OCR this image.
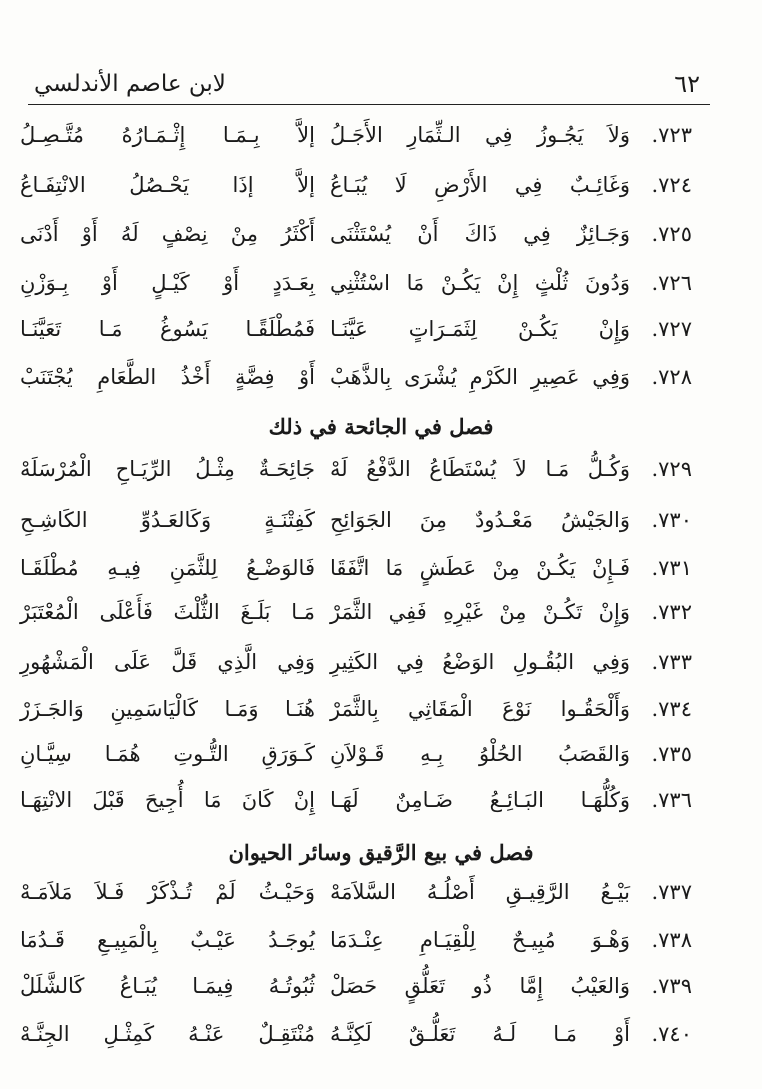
٦٢
لابن عاصم الأندلسي
٧٢٣.
وَلاَ يَجُـوزُ فِي الـثِّمَارِ الأَجَـلُ
إلاَّ بِـمَـا إِثْـمَـارُهُ مُتَّـصِـلُ
٧٢٤.
وَغَائِـبٌ فِي الأَرْضِ لَا يُبَـاعُ
إلاَّ إذَا يَحْـصُلُ الانْتِفَـاعُ
٧٢٥.
وَجَـائِزٌ فِي ذَاكَ أَنْ يُسْتَثْنَى
أَكْثَرُ مِنْ نِصْفٍ لَهُ أَوْ أَدْنَى
٧٢٦.
وَدُونَ ثُلْثٍ إِنْ يَكُـنْ مَا اسْتُثْنِي
بِعَـدَدٍ أَوْ كَيْـلٍ أَوْ بِـوَزْنِ
٧٢٧.
وَإِنْ يَكُـنْ لِثَمَـرَاتٍ عَيَّنَـا
فَمُطْلَقًـا يَسُوغُ مَـا تَعَيَّنَـا
٧٢٨.
وَفِي عَصِيرِ الكَرْمِ يُشْرَى بِالذَّهَبْ
أَوْ فِضَّةٍ أَخْذُ الطَّعَامِ يُجْتَنَبْ
فصل في الجائحة في ذلك
٧٢٩.
وَكُـلُّ مَـا لاَ يُسْتَطَاعُ الدَّفْعُ لَهْ
جَائِحَـةٌ مِثْـلُ الرِّيَـاحِ الْمُرْسَلَهْ
٧٣٠.
وَالجَيْشُ مَعْـدُودٌ مِنَ الجَوَائِحِ
كَفِتْنَـةٍ وَكَالعَـدُوِّ الكَاشِـحِ
٧٣١.
فَـإِنْ يَكُـنْ مِنْ عَطَشٍ مَا اتَّفَقَا
فَالوَضْـعُ لِلثَّمَنِ فِيـهِ مُطْلَقَـا
٧٣٢.
وَإِنْ تَكُـنْ مِنْ غَيْرِهِ فَفِي الثَّمَرْ
مَـا بَلَـغَ الثُّلْثَ فَأَعْلَى الْمُعْتَبَرْ
٧٣٣.
وَفِي البُقُـولِ الوَضْعُ فِي الكَثِيرِ
وَفِي الَّذِي قَلَّ عَلَى الْمَشْهُورِ
٧٣٤.
وَأَلْحَقُـوا نَوْعَ الْمَقَاثِي بِالثَّمَرْ
هُنَـا وَمَـا كَالْيَاسَمِينِ وَالجَـزَرْ
٧٣٥.
وَالقَصَبُ الحُلْوُ بِـهِ قَـوْلاَنِ
كَـوَرَقِ التُّـوتِ هُمَـا سِيَّـانِ
٧٣٦.
وَكُلُّهَـا البَـائِـعُ ضَـامِنٌ لَهَـا
إِنْ كَانَ مَا أُجِيحَ قَبْلَ الانْتِهَـا
فصل في بيع الرَّقيق وسائر الحيوان
٧٣٧.
بَيْـعُ الرَّقِيـقِ أَصْلُـهُ السَّلاَمَهْ
وَحَيْـثُ لَمْ تُـذْكَرْ فَـلاَ مَلاَمَـهْ
٧٣٨.
وَهْـوَ مُبِيـحٌ لِلْقِيَـامِ عِنْـدَمَا
يُوجَـدُ عَيْـبٌ بِالْمَبِيـعِ قَـدُمَا
٧٣٩.
وَالعَيْبُ إِمَّا ذُو تَعَلُّقٍ حَصَلْ
ثُبُوتُـهُ فِيمَـا يُبَـاعُ كَالشَّلَلْ
٧٤٠.
أَوْ مَـا لَـهُ تَعَلُّـقٌ لَكِنَّـهُ
مُنْتَقِـلٌ عَنْـهُ كَمِثْـلِ الجِنَّـهْ
